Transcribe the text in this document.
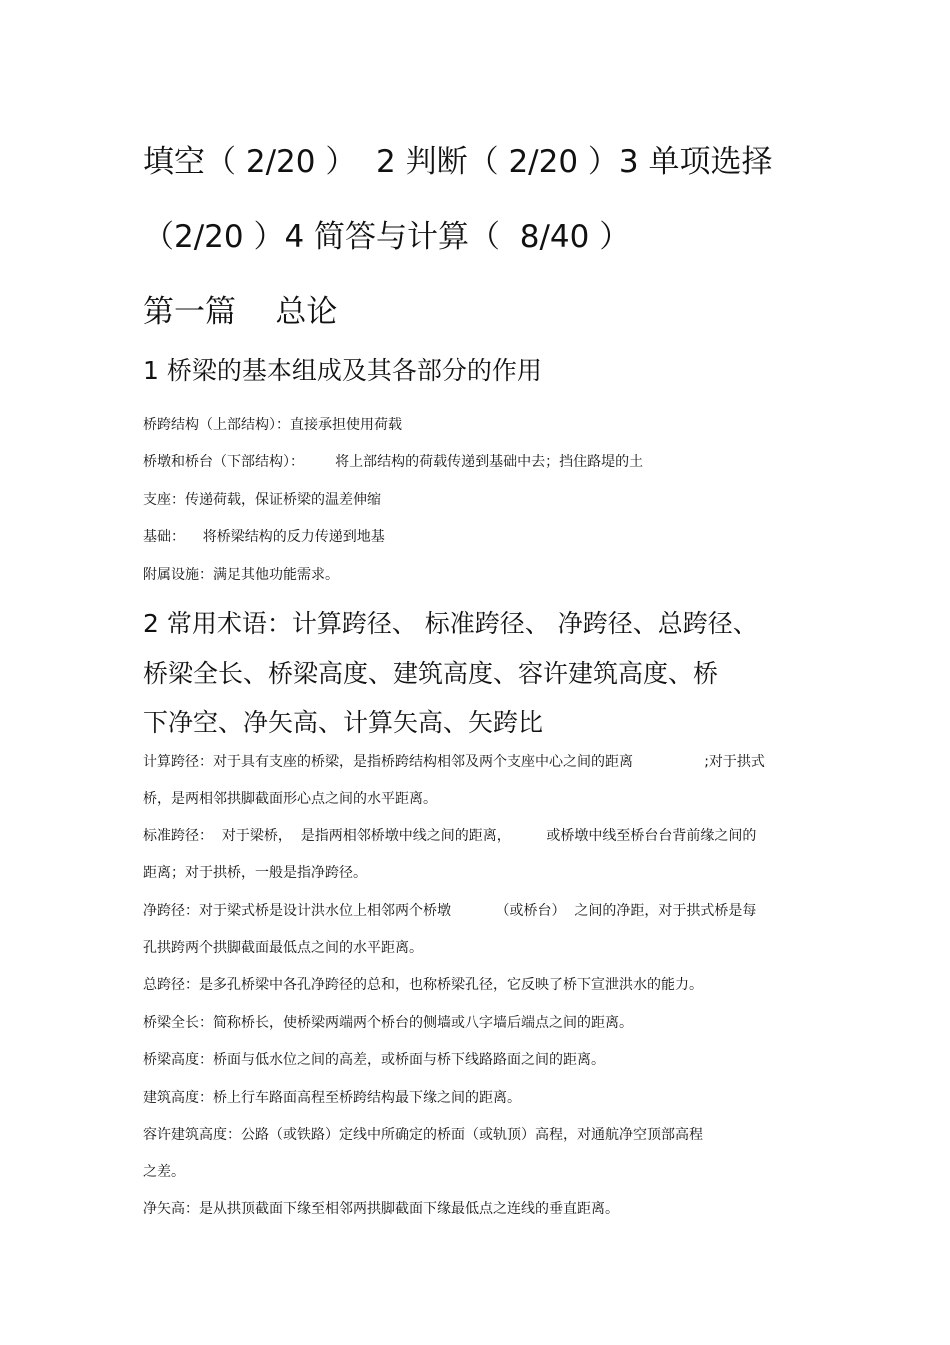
填空（ 2/20 ）  2 判断（ 2/20 ）3 单项选择
（2/20 ）4 简答与计算（  8/40 ）
第一篇    总论
1 桥梁的基本组成及其各部分的作用
桥跨结构（上部结构）：直接承担使用荷载
桥墩和桥台（下部结构）：       将上部结构的荷载传递到基础中去；挡住路堤的土
支座：传递荷载，保证桥梁的温差伸缩
基础：    将桥梁结构的反力传递到地基
附属设施：满足其他功能需求。
2 常用术语：计算跨径、 标准跨径、 净跨径、总跨径、
桥梁全长、桥梁高度、建筑高度、容许建筑高度、桥
下净空、净矢高、计算矢高、矢跨比
计算跨径：对于具有支座的桥梁，是指桥跨结构相邻及两个支座中心之间的距离                ;对于拱式
桥，是两相邻拱脚截面形心点之间的水平距离。
标准跨径：  对于梁桥，  是指两相邻桥墩中线之间的距离，        或桥墩中线至桥台台背前缘之间的
距离；对于拱桥，一般是指净跨径。
净跨径：对于梁式桥是设计洪水位上相邻两个桥墩          （或桥台）  之间的净距，对于拱式桥是每
孔拱跨两个拱脚截面最低点之间的水平距离。
总跨径：是多孔桥梁中各孔净跨径的总和，也称桥梁孔径，它反映了桥下宣泄洪水的能力。
桥梁全长：简称桥长，使桥梁两端两个桥台的侧墙或八字墙后端点之间的距离。
桥梁高度：桥面与低水位之间的高差，或桥面与桥下线路路面之间的距离。
建筑高度：桥上行车路面高程至桥跨结构最下缘之间的距离。
容许建筑高度：公路（或铁路）定线中所确定的桥面（或轨顶）高程，对通航净空顶部高程
之差。
净矢高：是从拱顶截面下缘至相邻两拱脚截面下缘最低点之连线的垂直距离。
